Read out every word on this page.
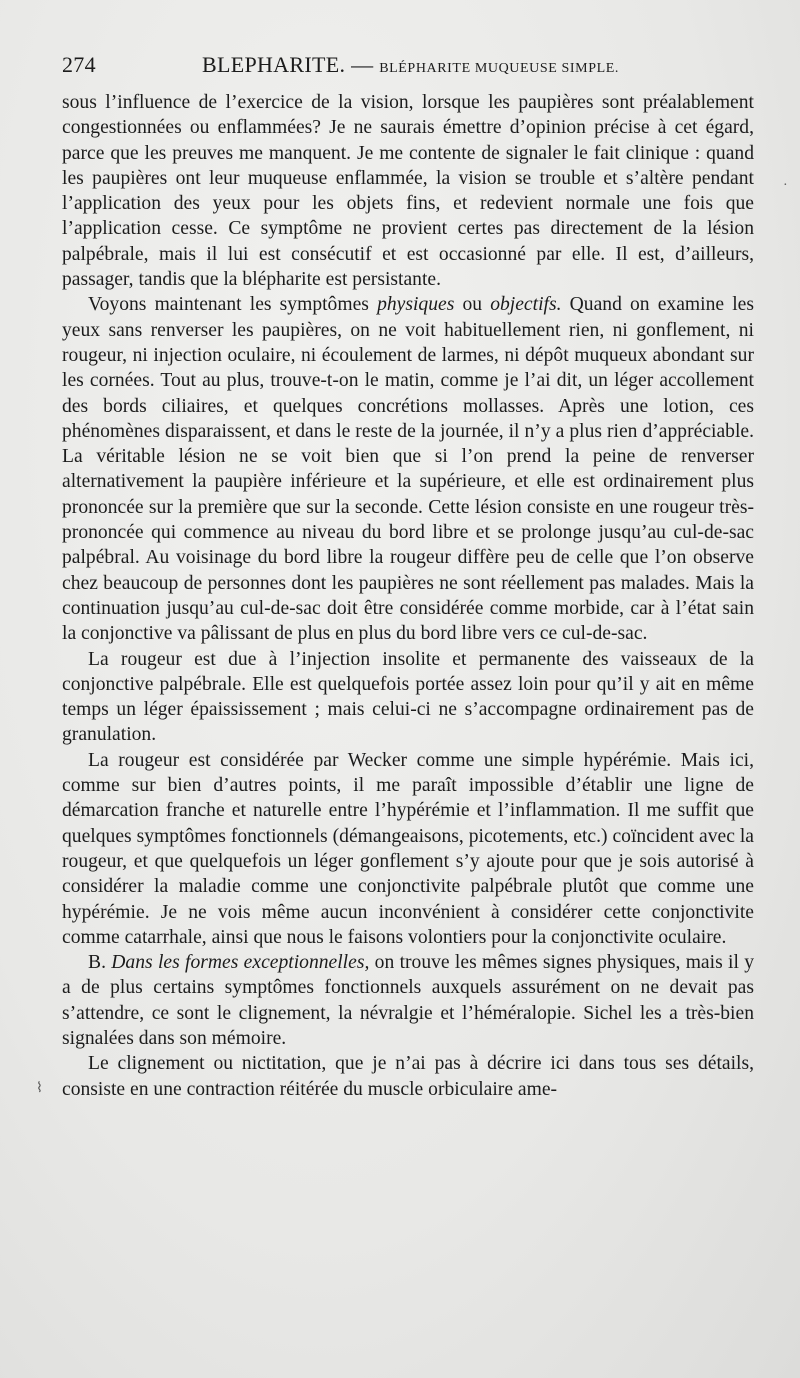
274	BLEPHARITE. — BLÉPHARITE MUQUEUSE SIMPLE.

sous l’influence de l’exercice de la vision, lorsque les paupières sont préalablement congestionnées ou enflammées? Je ne saurais émettre d’opinion précise à cet égard, parce que les preuves me manquent. Je me contente de signaler le fait clinique : quand les paupières ont leur muqueuse enflammée, la vision se trouble et s’altère pendant l’application des yeux pour les objets fins, et redevient normale une fois que l’application cesse. Ce symptôme ne provient certes pas directement de la lésion palpébrale, mais il lui est consécutif et est occasionné par elle. Il est, d’ailleurs, passager, tandis que la blépharite est persistante.

Voyons maintenant les symptômes physiques ou objectifs. Quand on examine les yeux sans renverser les paupières, on ne voit habituellement rien, ni gonflement, ni rougeur, ni injection oculaire, ni écoulement de larmes, ni dépôt muqueux abondant sur les cornées. Tout au plus, trouve-t-on le matin, comme je l’ai dit, un léger accollement des bords ciliaires, et quelques concrétions mollasses. Après une lotion, ces phénomènes disparaissent, et dans le reste de la journée, il n’y a plus rien d’appréciable. La véritable lésion ne se voit bien que si l’on prend la peine de renverser alternativement la paupière inférieure et la supérieure, et elle est ordinairement plus prononcée sur la première que sur la seconde. Cette lésion consiste en une rougeur très-prononcée qui commence au niveau du bord libre et se prolonge jusqu’au cul-de-sac palpébral. Au voisinage du bord libre la rougeur diffère peu de celle que l’on observe chez beaucoup de personnes dont les paupières ne sont réellement pas malades. Mais la continuation jusqu’au cul-de-sac doit être considérée comme morbide, car à l’état sain la conjonctive va pâlissant de plus en plus du bord libre vers ce cul-de-sac.

La rougeur est due à l’injection insolite et permanente des vaisseaux de la conjonctive palpébrale. Elle est quelquefois portée assez loin pour qu’il y ait en même temps un léger épaississement ; mais celui-ci ne s’accompagne ordinairement pas de granulation.

La rougeur est considérée par Wecker comme une simple hypérémie. Mais ici, comme sur bien d’autres points, il me paraît impossible d’établir une ligne de démarcation franche et naturelle entre l’hypérémie et l’inflammation. Il me suffit que quelques symptômes fonctionnels (démangeaisons, picotements, etc.) coïncident avec la rougeur, et que quelquefois un léger gonflement s’y ajoute pour que je sois autorisé à considérer la maladie comme une conjonctivite palpébrale plutôt que comme une hypérémie. Je ne vois même aucun inconvénient à considérer cette conjonctivite comme catarrhale, ainsi que nous le faisons volontiers pour la conjonctivite oculaire.

B. Dans les formes exceptionnelles, on trouve les mêmes signes physiques, mais il y a de plus certains symptômes fonctionnels auxquels assurément on ne devait pas s’attendre, ce sont le clignement, la névralgie et l’héméralopie. Sichel les a très-bien signalées dans son mémoire.

Le clignement ou nictitation, que je n’ai pas à décrire ici dans tous ses détails, consiste en une contraction réitérée du muscle orbiculaire ame-

·
⌇
